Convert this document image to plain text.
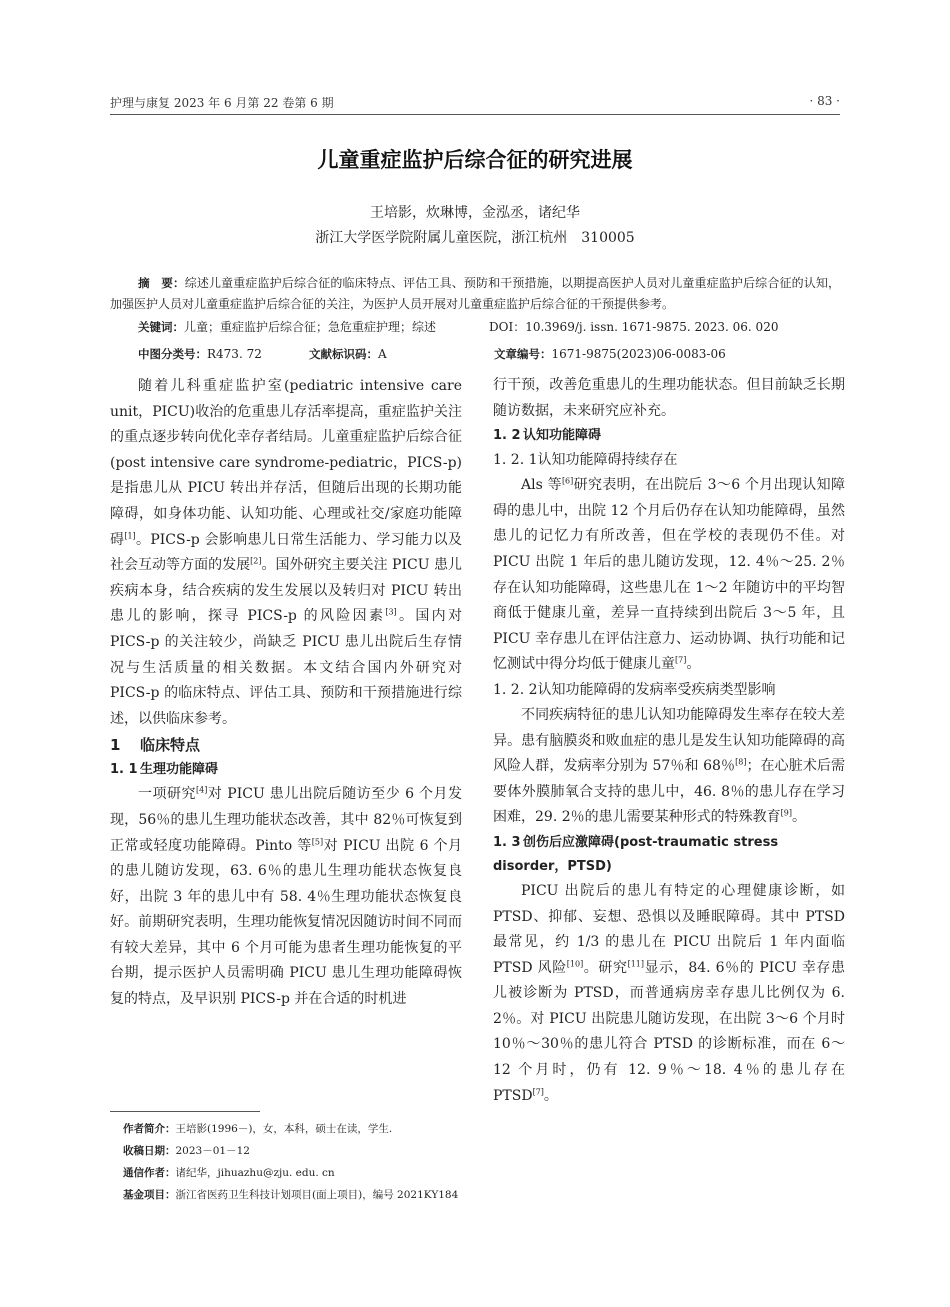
护理与康复 2023 年 6 月第 22 卷第 6 期	· 83 ·
儿童重症监护后综合征的研究进展
王培影，炊琳博，金泓丞，诸纪华
浙江大学医学院附属儿童医院，浙江杭州　310005
摘　要：综述儿童重症监护后综合征的临床特点、评估工具、预防和干预措施，以期提高医护人员对儿童重症监护后综合征的认知，加强医护人员对儿童重症监护后综合征的关注，为医护人员开展对儿童重症监护后综合征的干预提供参考。
关键词：儿童；重症监护后综合征；急危重症护理；综述	DOI：10.3969/j. issn. 1671-9875. 2023. 06. 020
中图分类号：R473. 72	文献标识码：A	文章编号：1671-9875(2023)06-0083-06

随着儿科重症监护室(pediatric intensive care unit，PICU)收治的危重患儿存活率提高，重症监护关注的重点逐步转向优化幸存者结局。儿童重症监护后综合征(post intensive care syndrome-pediatric，PICS-p)是指患儿从 PICU 转出并存活，但随后出现的长期功能障碍，如身体功能、认知功能、心理或社交/家庭功能障碍[1]。PICS-p 会影响患儿日常生活能力、学习能力以及社会互动等方面的发展[2]。国外研究主要关注 PICU 患儿疾病本身，结合疾病的发生发展以及转归对 PICU 转出患儿的影响，探寻 PICS-p 的风险因素[3]。国内对 PICS-p 的关注较少，尚缺乏 PICU 患儿出院后生存情况与生活质量的相关数据。本文结合国内外研究对 PICS-p 的临床特点、评估工具、预防和干预措施进行综述，以供临床参考。

1 临床特点
1. 1 生理功能障碍

一项研究[4]对 PICU 患儿出院后随访至少 6 个月发现，56％的患儿生理功能状态改善，其中 82％可恢复到正常或轻度功能障碍。Pinto 等[5]对 PICU 出院 6 个月的患儿随访发现，63. 6％的患儿生理功能状态恢复良好，出院 3 年的患儿中有 58. 4％生理功能状态恢复良好。前期研究表明，生理功能恢复情况因随访时间不同而有较大差异，其中 6 个月可能为患者生理功能恢复的平台期，提示医护人员需明确 PICU 患儿生理功能障碍恢复的特点，及早识别 PICS-p 并在合适的时机进

行干预，改善危重患儿的生理功能状态。但目前缺乏长期随访数据，未来研究应补充。

1. 2 认知功能障碍
1. 2. 1认知功能障碍持续存在

Als 等[6]研究表明，在出院后 3～6 个月出现认知障碍的患儿中，出院 12 个月后仍存在认知功能障碍，虽然患儿的记忆力有所改善，但在学校的表现仍不佳。对 PICU 出院 1 年后的患儿随访发现，12. 4％～25. 2％存在认知功能障碍，这些患儿在 1～2 年随访中的平均智商低于健康儿童，差异一直持续到出院后 3～5 年，且 PICU 幸存患儿在评估注意力、运动协调、执行功能和记忆测试中得分均低于健康儿童[7]。

1. 2. 2认知功能障碍的发病率受疾病类型影响

不同疾病特征的患儿认知功能障碍发生率存在较大差异。患有脑膜炎和败血症的患儿是发生认知功能障碍的高风险人群，发病率分别为 57％和 68％[8]；在心脏术后需要体外膜肺氧合支持的患儿中，46. 8％的患儿存在学习困难，29. 2％的患儿需要某种形式的特殊教育[9]。

1. 3 创伤后应激障碍(post-traumatic stress disorder，PTSD)

PICU 出院后的患儿有特定的心理健康诊断，如 PTSD、抑郁、妄想、恐惧以及睡眠障碍。其中 PTSD 最常见，约 1/3 的患儿在 PICU 出院后 1 年内面临 PTSD 风险[10]。研究[11]显示，84. 6％的 PICU 幸存患儿被诊断为 PTSD，而普通病房幸存患儿比例仅为 6. 2％。对 PICU 出院患儿随访发现，在出院 3～6 个月时 10％～30％的患儿符合 PTSD 的诊断标准，而在 6～12 个月时，仍有 12. 9％～18. 4％的患儿存在 PTSD[7]。

作者简介：王培影(1996－)，女，本科，硕士在读，学生.
收稿日期：2023－01－12
通信作者：诸纪华，jihuazhu@zju. edu. cn
基金项目：浙江省医药卫生科技计划项目(面上项目)，编号 2021KY184
